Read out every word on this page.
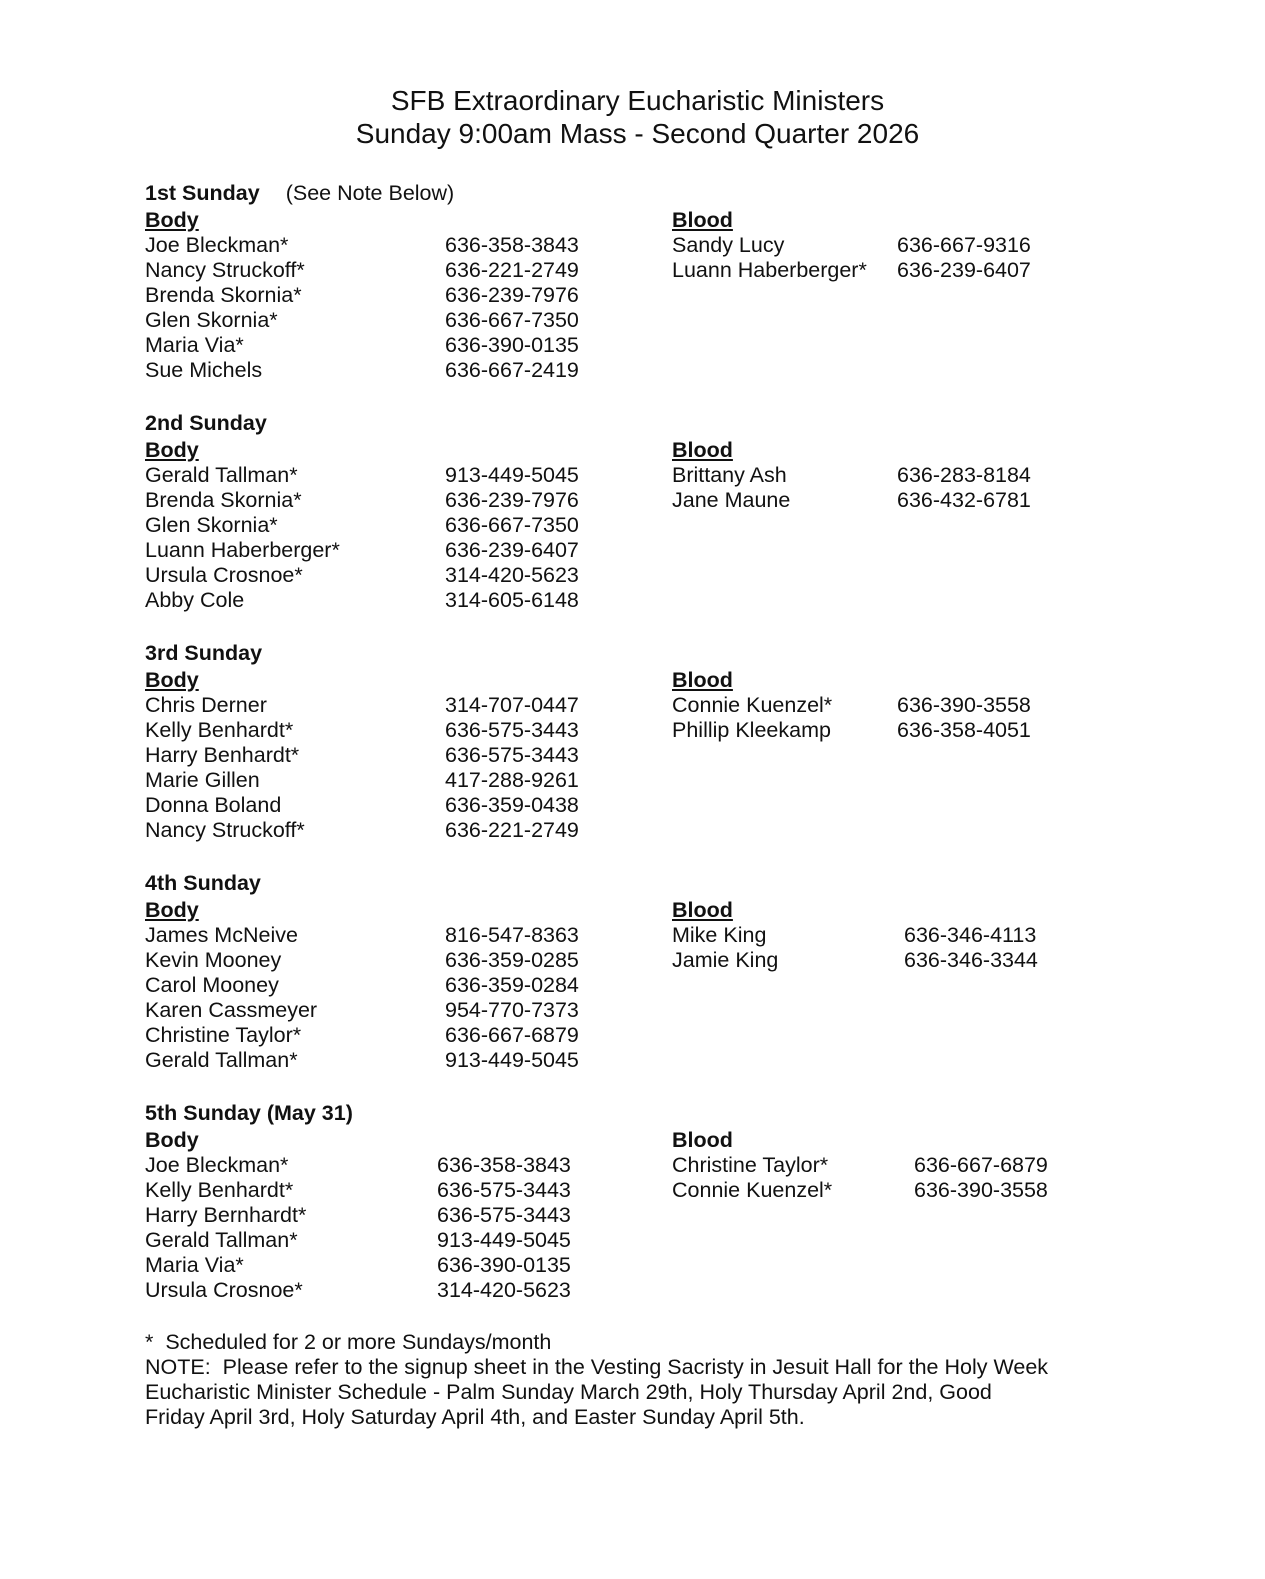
SFB Extraordinary Eucharistic Ministers
Sunday 9:00am Mass - Second Quarter 2026
1st Sunday (See Note Below)
Body
Joe Bleckman*	636-358-3843
Nancy Struckoff*	636-221-2749
Brenda Skornia*	636-239-7976
Glen Skornia*	636-667-7350
Maria Via*	636-390-0135
Sue Michels	636-667-2419
Blood
Sandy Lucy	636-667-9316
Luann Haberberger* 636-239-6407
2nd Sunday
Body
Gerald Tallman*	913-449-5045
Brenda Skornia*	636-239-7976
Glen Skornia*	636-667-7350
Luann Haberberger*	636-239-6407
Ursula Crosnoe*	314-420-5623
Abby Cole	314-605-6148
Blood
Brittany Ash	636-283-8184
Jane Maune	636-432-6781
3rd Sunday
Body
Chris Derner	314-707-0447
Kelly Benhardt*	636-575-3443
Harry Benhardt*	636-575-3443
Marie Gillen	417-288-9261
Donna Boland	636-359-0438
Nancy Struckoff*	636-221-2749
Blood
Connie Kuenzel*	636-390-3558
Phillip Kleekamp	636-358-4051
4th Sunday
Body
James McNeive	816-547-8363
Kevin Mooney	636-359-0285
Carol Mooney	636-359-0284
Karen Cassmeyer	954-770-7373
Christine Taylor*	636-667-6879
Gerald Tallman*	913-449-5045
Blood
Mike King	636-346-4113
Jamie King	636-346-3344
5th Sunday (May 31)
Body
Joe Bleckman*	636-358-3843
Kelly Benhardt*	636-575-3443
Harry Bernhardt*	636-575-3443
Gerald Tallman*	913-449-5045
Maria Via*	636-390-0135
Ursula Crosnoe*	314-420-5623
Blood
Christine Taylor*	636-667-6879
Connie Kuenzel*	636-390-3558
*  Scheduled for 2 or more Sundays/month
NOTE:  Please refer to the signup sheet in the Vesting Sacristy in Jesuit Hall for the Holy Week
Eucharistic Minister Schedule - Palm Sunday March 29th, Holy Thursday April 2nd, Good
Friday April 3rd, Holy Saturday April 4th, and Easter Sunday April 5th.
